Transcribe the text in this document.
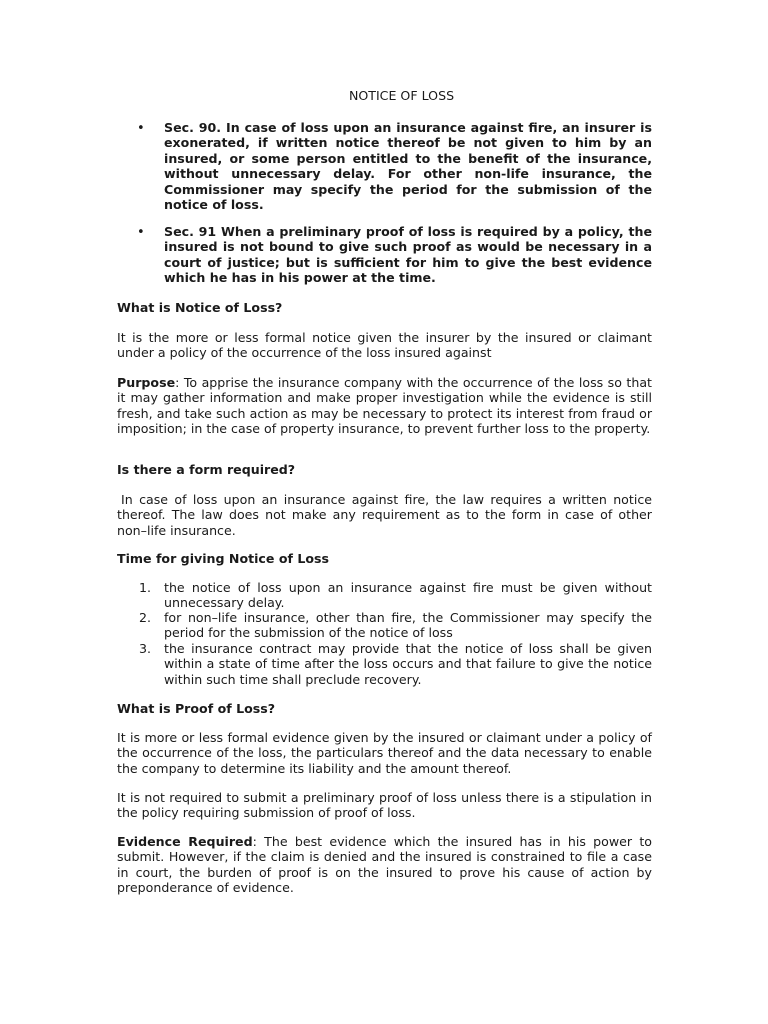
NOTICE OF LOSS

• Sec. 90. In case of loss upon an insurance against fire, an insurer is exonerated, if written notice thereof be not given to him by an insured, or some person entitled to the benefit of the insurance, without unnecessary delay. For other non-life insurance, the Commissioner may specify the period for the submission of the notice of loss.

• Sec. 91 When a preliminary proof of loss is required by a policy, the insured is not bound to give such proof as would be necessary in a court of justice; but is sufficient for him to give the best evidence which he has in his power at the time.

What is Notice of Loss?

It is the more or less formal notice given the insurer by the insured or claimant under a policy of the occurrence of the loss insured against

Purpose: To apprise the insurance company with the occurrence of the loss so that it may gather information and make proper investigation while the evidence is still fresh, and take such action as may be necessary to protect its interest from fraud or imposition; in the case of property insurance, to prevent further loss to the property.

Is there a form required?

In case of loss upon an insurance against fire, the law requires a written notice thereof. The law does not make any requirement as to the form in case of other non–life insurance.

Time for giving Notice of Loss

1. the notice of loss upon an insurance against fire must be given without unnecessary delay.

2. for non–life insurance, other than fire, the Commissioner may specify the period for the submission of the notice of loss

3. the insurance contract may provide that the notice of loss shall be given within a state of time after the loss occurs and that failure to give the notice within such time shall preclude recovery.

What is Proof of Loss?

It is more or less formal evidence given by the insured or claimant under a policy of the occurrence of the loss, the particulars thereof and the data necessary to enable the company to determine its liability and the amount thereof.

It is not required to submit a preliminary proof of loss unless there is a stipulation in the policy requiring submission of proof of loss.

Evidence Required: The best evidence which the insured has in his power to submit. However, if the claim is denied and the insured is constrained to file a case in court, the burden of proof is on the insured to prove his cause of action by preponderance of evidence.
